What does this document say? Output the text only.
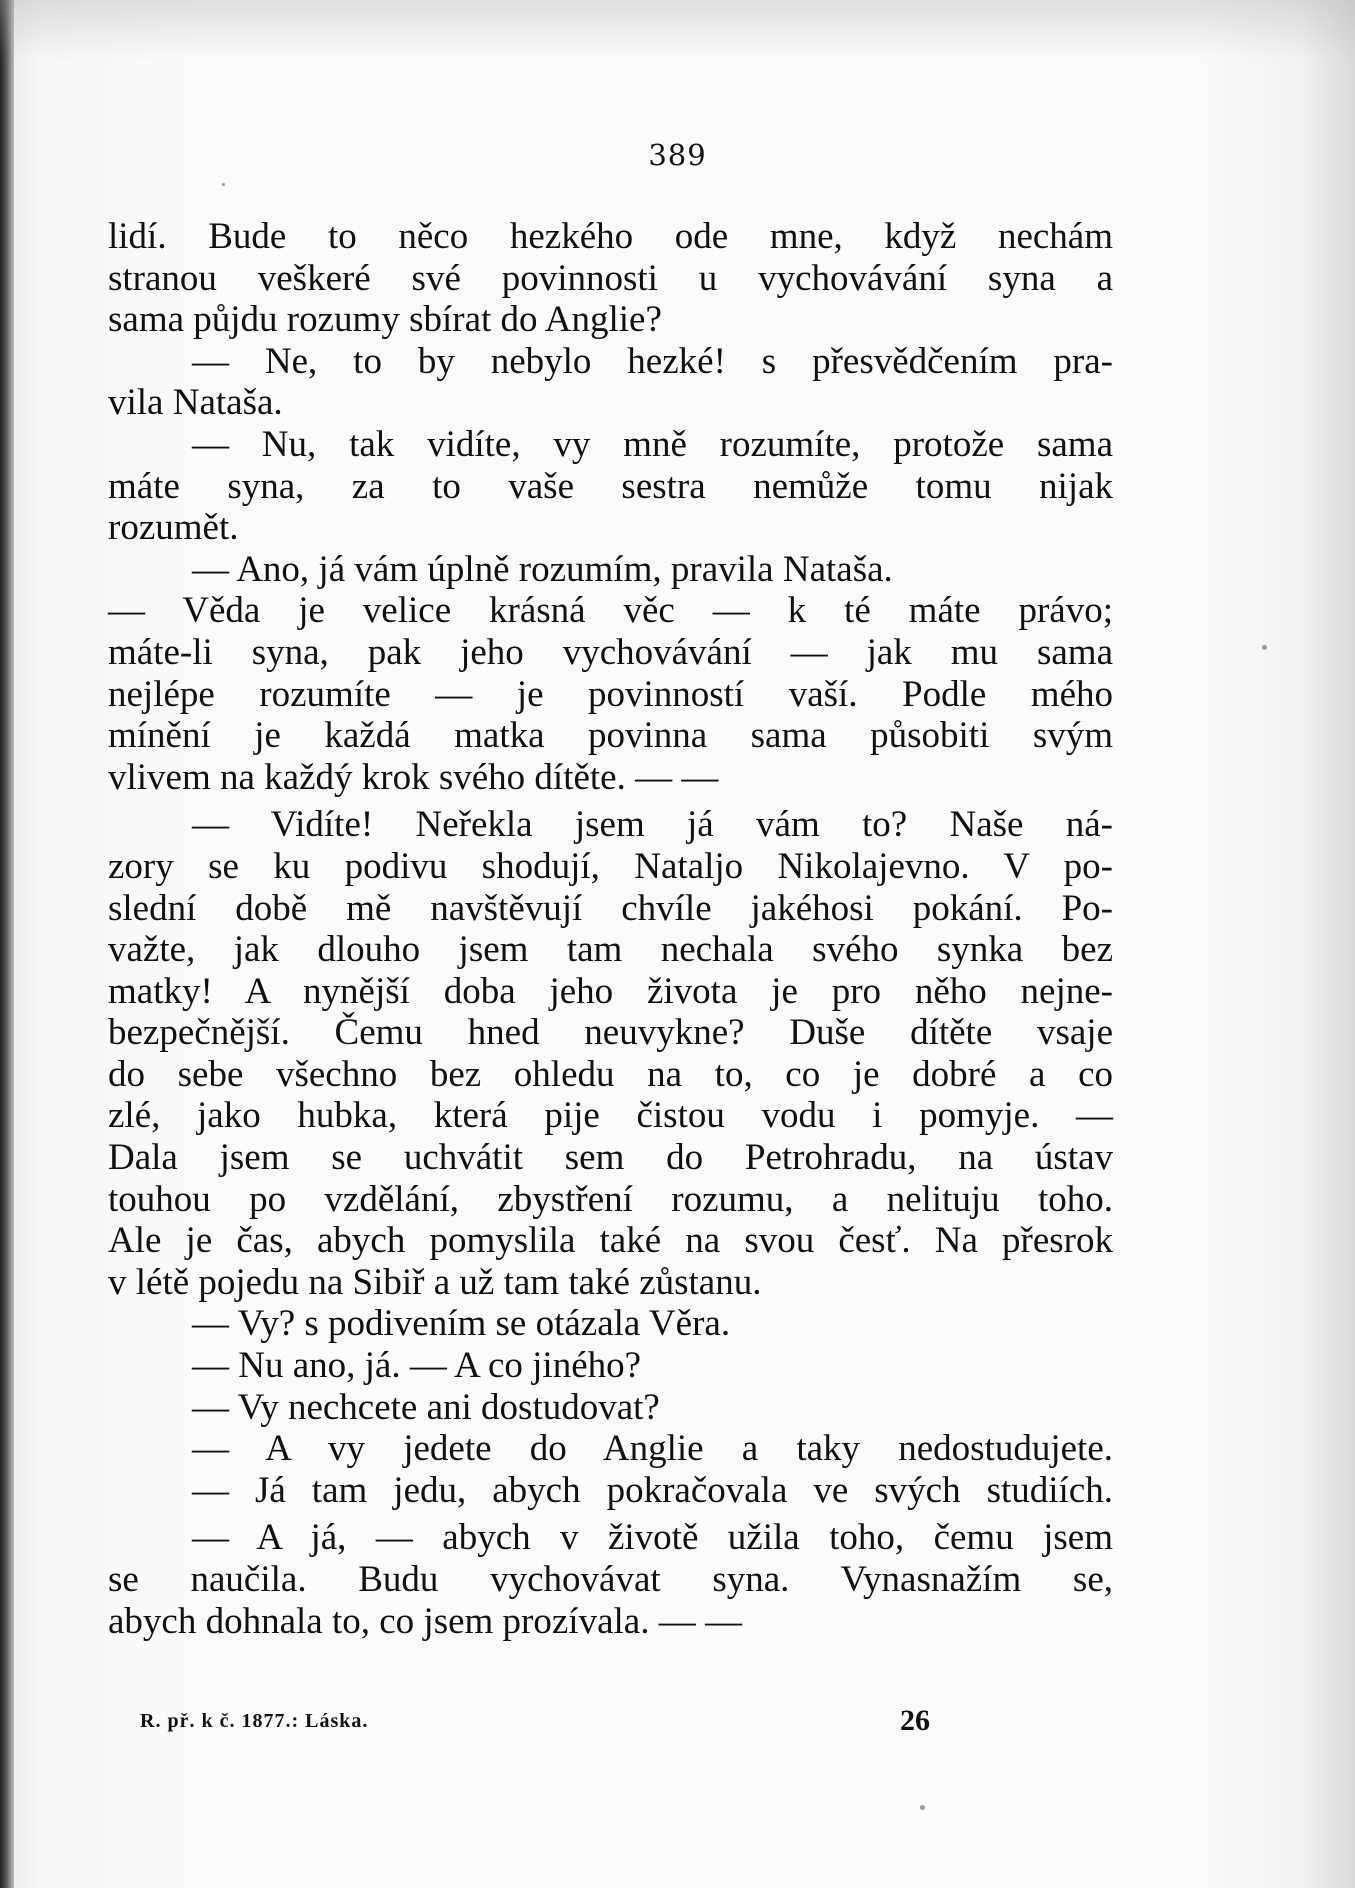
389
lidí. Bude to něco hezkého ode mne, když nechám
stranou veškeré své povinnosti u vychovávání syna a
sama půjdu rozumy sbírat do Anglie?
— Ne, to by nebylo hezké! s přesvědčením pra-
vila Nataša.
— Nu, tak vidíte, vy mně rozumíte, protože sama
máte syna, za to vaše sestra nemůže tomu nijak
rozumět.
— Ano, já vám úplně rozumím, pravila Nataša.
— Věda je velice krásná věc — k té máte právo;
máte-li syna, pak jeho vychovávání — jak mu sama
nejlépe rozumíte — je povinností vaší. Podle mého
mínění je každá matka povinna sama působiti svým
vlivem na každý krok svého dítěte. — —
— Vidíte! Neřekla jsem já vám to? Naše ná-
zory se ku podivu shodují, Nataljo Nikolajevno. V po-
slední době mě navštěvují chvíle jakéhosi pokání. Po-
važte, jak dlouho jsem tam nechala svého synka bez
matky! A nynější doba jeho života je pro něho nejne-
bezpečnější. Čemu hned neuvykne? Duše dítěte vsaje
do sebe všechno bez ohledu na to, co je dobré a co
zlé, jako hubka, která pije čistou vodu i pomyje. —
Dala jsem se uchvátit sem do Petrohradu, na ústav
touhou po vzdělání, zbystření rozumu, a nelituju toho.
Ale je čas, abych pomyslila také na svou česť. Na přesrok
v létě pojedu na Sibiř a už tam také zůstanu.
— Vy? s podivením se otázala Věra.
— Nu ano, já. — A co jiného?
— Vy nechcete ani dostudovat?
— A vy jedete do Anglie a taky nedostudujete.
— Já tam jedu, abych pokračovala ve svých studiích.
— A já, — abych v životě užila toho, čemu jsem
se naučila. Budu vychovávat syna. Vynasnažím se,
abych dohnala to, co jsem prozívala. — —
R. př. k č. 1877.: Láska.	26
